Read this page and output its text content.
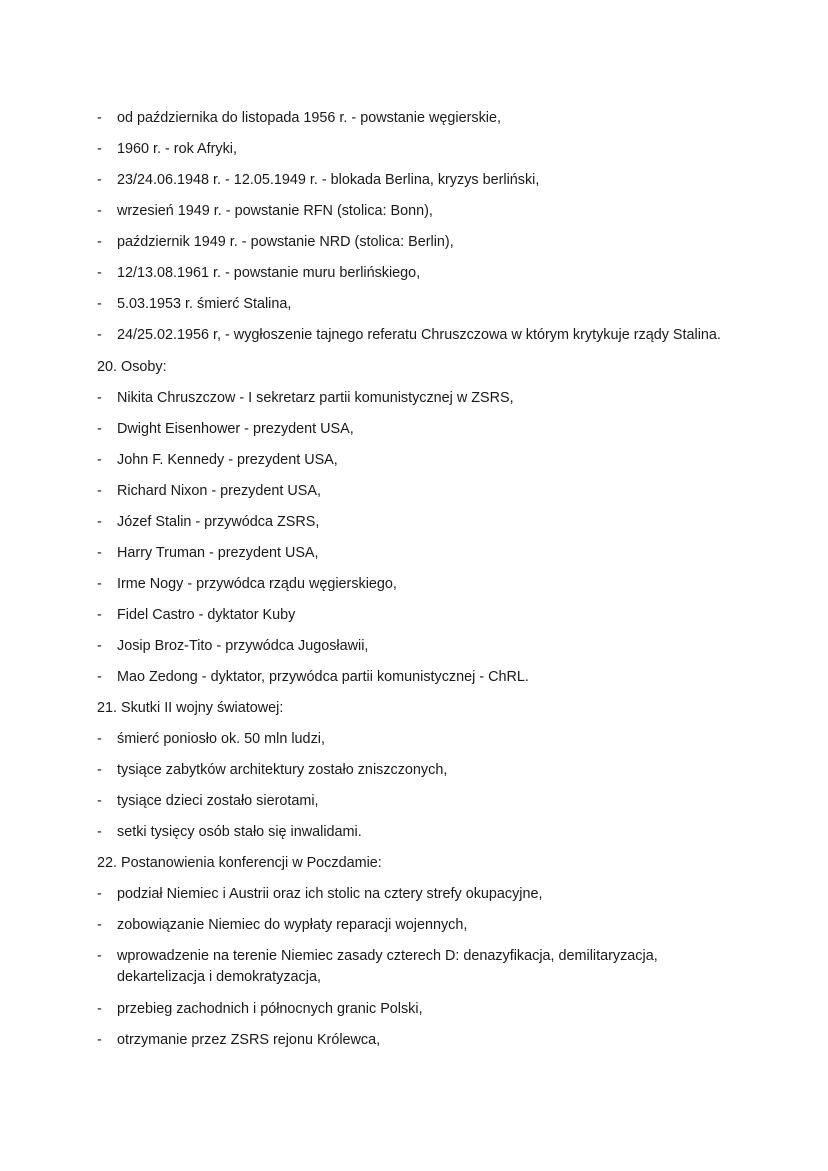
- od października do listopada 1956 r. - powstanie węgierskie,
- 1960 r. - rok Afryki,
- 23/24.06.1948 r. - 12.05.1949 r. - blokada Berlina, kryzys berliński,
- wrzesień 1949 r. - powstanie RFN (stolica: Bonn),
- październik 1949 r. - powstanie NRD (stolica: Berlin),
- 12/13.08.1961 r. - powstanie muru berlińskiego,
- 5.03.1953 r. śmierć Stalina,
- 24/25.02.1956 r, - wygłoszenie tajnego referatu Chruszczowa w którym krytykuje rządy Stalina.
20. Osoby:
- Nikita Chruszczow - I sekretarz partii komunistycznej w ZSRS,
- Dwight Eisenhower - prezydent USA,
- John F. Kennedy - prezydent USA,
- Richard Nixon - prezydent USA,
- Józef Stalin - przywódca ZSRS,
- Harry Truman - prezydent USA,
- Irme Nogy - przywódca rządu węgierskiego,
- Fidel Castro - dyktator Kuby
- Josip Broz-Tito - przywódca Jugosławii,
- Mao Zedong - dyktator, przywódca partii komunistycznej - ChRL.
21. Skutki II wojny światowej:
- śmierć poniosło ok. 50 mln ludzi,
- tysiące zabytków architektury zostało zniszczonych,
- tysiące dzieci zostało sierotami,
- setki tysięcy osób stało się inwalidami.
22. Postanowienia konferencji w Poczdamie:
- podział Niemiec i Austrii oraz ich stolic na cztery strefy okupacyjne,
- zobowiązanie Niemiec do wypłaty reparacji wojennych,
- wprowadzenie na terenie Niemiec zasady czterech D: denazyfikacja, demilitaryzacja, dekartelizacja i demokratyzacja,
- przebieg zachodnich i północnych granic Polski,
- otrzymanie przez ZSRS rejonu Królewca,
